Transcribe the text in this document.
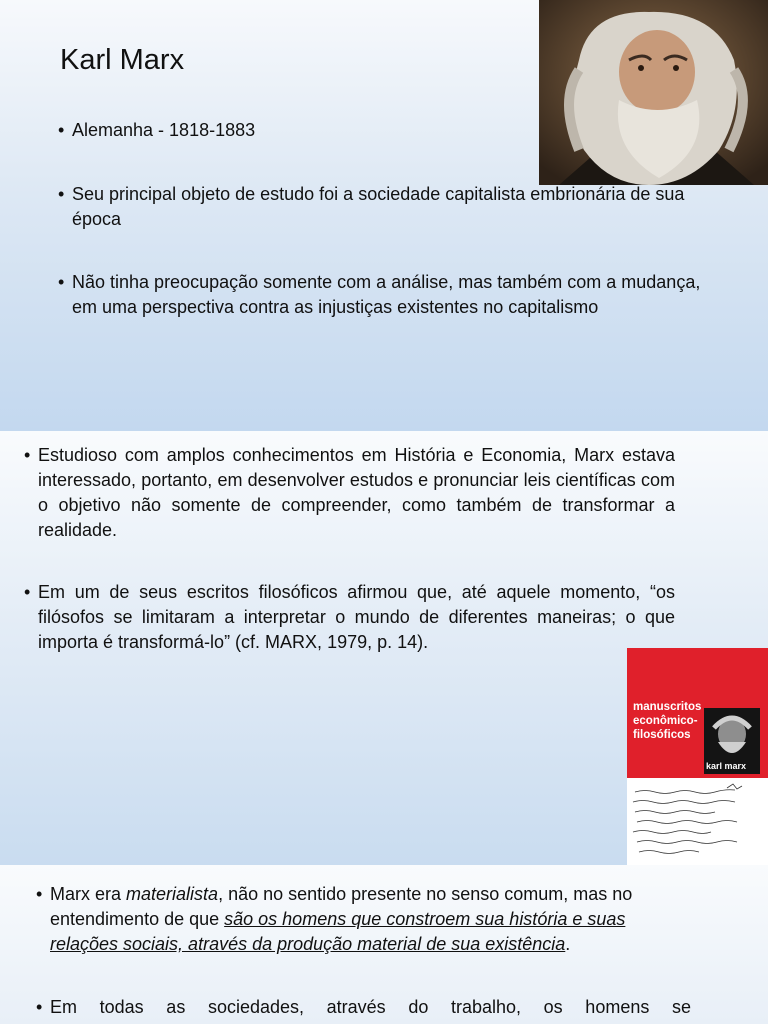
Karl Marx
• Alemanha - 1818-1883
• Seu principal objeto de estudo foi a sociedade capitalista embrionária de sua época
• Não tinha preocupação somente com a análise, mas também com a mudança, em uma perspectiva contra as injustiças existentes no capitalismo
• Estudioso com amplos conhecimentos em História e Economia, Marx estava interessado, portanto, em desenvolver estudos e pronunciar leis científicas com o objetivo não somente de compreender, como também de transformar a realidade.
• Em um de seus escritos filosóficos afirmou que, até aquele momento, “os filósofos se limitaram a interpretar o mundo de diferentes maneiras; o que importa é transformá-lo” (cf. MARX, 1979, p. 14).
manuscritos
econômico-
filosóficos
karl marx
• Marx era materialista, não no sentido presente no senso comum, mas no entendimento de que são os homens que constroem sua história e suas relações sociais, através da produção material de sua existência.
• Em todas as sociedades, através do trabalho, os homens se
